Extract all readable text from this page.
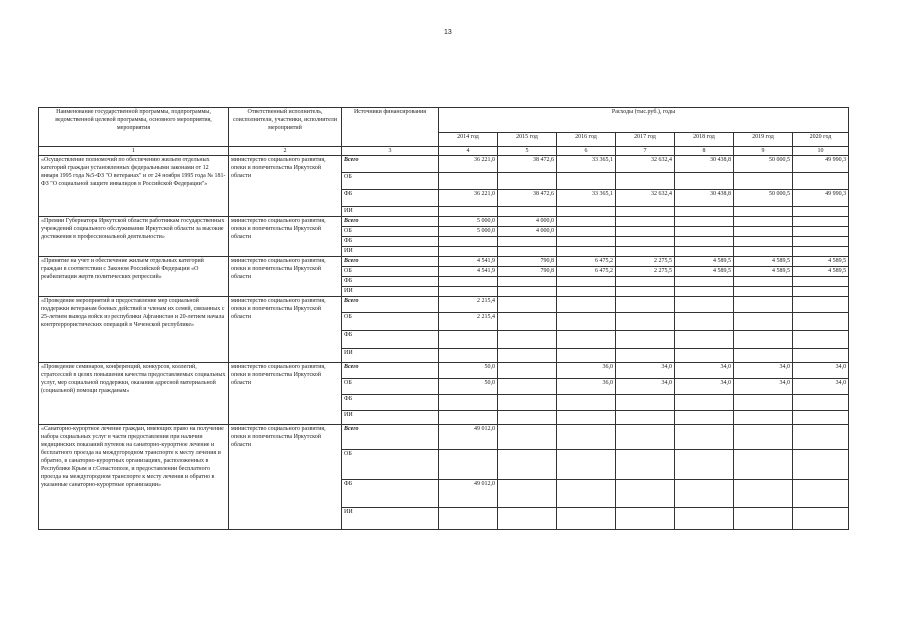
13
Наименование государственной программы, подпрограммы, ведомственной целевой программы, основного мероприятия, мероприятия	Ответственный исполнитель, соисполнители, участники, исполнители мероприятий	Источники финансирования	Расходы (тыс.руб.), годы						
			2014 год	2015 год	2016 год	2017 год	2018 год	2019 год	2020 год
1	2	3	4	5	6	7	8	9	10
«Осуществление полномочий по обеспечению жильем отдельных категорий граждан установленных федеральными законами от 12 января 1995 года №5-ФЗ "О ветеранах" и от 24 ноября 1995 года № 181-ФЗ "О социальной защите инвалидов в Российской Федерации"»	министерство социального развития, опеки и попечительства Иркутской области	Всего	36 221,0	38 472,6	33 365,1	32 632,4	30 438,8	50 000,5	49 990,3
		ОБ							
		ФБ	36 221,0	38 472,6	33 365,1	32 632,4	30 438,8	50 000,5	49 990,3
		ИИ							
«Премии Губернатора Иркутской области работникам государственных учреждений социального обслуживания Иркутской области за высокие достижения в профессиональной деятельности»	министерство социального развития, опеки и попечительства Иркутской области	Всего	5 000,0	4 000,0					
		ОБ	5 000,0	4 000,0					
		ФБ							
		ИИ							
«Принятие на учет и обеспечение жильем отдельных категорий граждан в соответствии с Законом Российской Федерации «О реабилитации жертв политических репрессий»	министерство социального развития, опеки и попечительства Иркутской области	Всего	4 541,9	790,8	6 475,2	2 275,5	4 589,5	4 589,5	4 589,5
		ОБ	4 541,9	790,8	6 475,2	2 275,5	4 589,5	4 589,5	4 589,5
		ФБ							
		ИИ							
«Проведение мероприятий и предоставление мер социальной поддержки ветеранам боевых действий и членам их семей, связанных с 25-летием вывода войск из республики Афганистан и 20-летием начала контртеррористических операций в Чеченской республике»	министерство социального развития, опеки и попечительства Иркутской области	Всего	2 215,4						
		ОБ	2 215,4						
		ФБ							
		ИИ							
«Проведение семинаров, конференций, конкурсов, коллегий, стратсессий в целях повышения качества предоставляемых социальных услуг, мер социальной поддержки, оказания адресной материальной (социальной) помощи гражданам»	министерство социального развития, опеки и попечительства Иркутской области	Всего	50,0		36,0	34,0	34,0	34,0	34,0
		ОБ	50,0		36,0	34,0	34,0	34,0	34,0
		ФБ							
		ИИ							
«Санаторно-курортное лечение граждан, имеющих право на получение набора социальных услуг в части предоставления при наличии медицинских показаний путевок на санаторно-курортное лечение и бесплатного проезда на междугородном транспорте к месту лечения и обратно, в санаторно-курортных организациях, расположенных в Республике Крым и г.Севастополе, и предоставлении бесплатного проезда на междугородном транспорте к месту лечения и обратно в указанные санаторно-курортные организации»	министерство социального развития, опеки и попечительства Иркутской области	Всего	49 012,0						
		ОБ							
		ФБ	49 012,0						
		ИИ							
